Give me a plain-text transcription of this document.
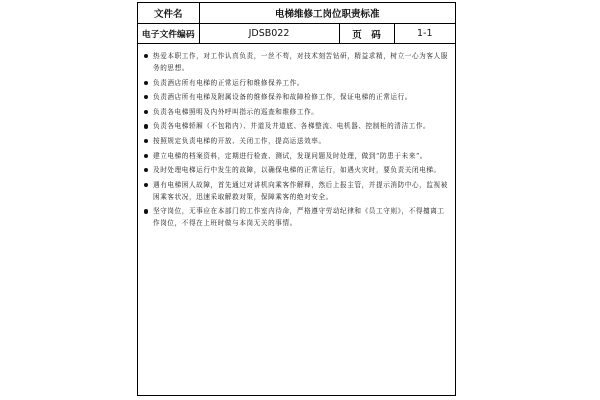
文件名	电梯维修工岗位职责标准		
电子文件编码	JDSB022	页　码	1-1
热爱本职工作，对工作认真负责，一丝不苟，对技术刻苦钻研，精益求精，树立一心为客人服务的思想。
负责酒店所有电梯的正常运行和维修保养工作。
负责酒店所有电梯及附属设备的维修保养和故障检修工作，保证电梯的正常运行。
负责各电梯照明及内外呼叫指示的巡查和维修工作。
负责各电梯轿厢（不包箱内）、井道及井道底、各梯整流、电机器、控制柜的清洁工作。
按照规定负责电梯的开放、关闭工作，提高运送效率。
建立电梯的档案资料，定期进行检查、测试，发现问题及时处理，做到“防患于未来”。
及时处理电梯运行中发生的故障，以确保电梯的正常运行，如遇火灾时，要负责关闭电梯。
遇有电梯困人故障，首先通过对讲机向乘客作解释，然后上报主管，并提示消防中心，监视被困乘客状况，迅速采取解救对策，保障乘客的绝对安全。
坚守岗位，无事应在本部门的工作室内待命，严格遵守劳动纪律和《员工守则》，不得擅离工作岗位，不得在上班时做与本岗无关的事情。
